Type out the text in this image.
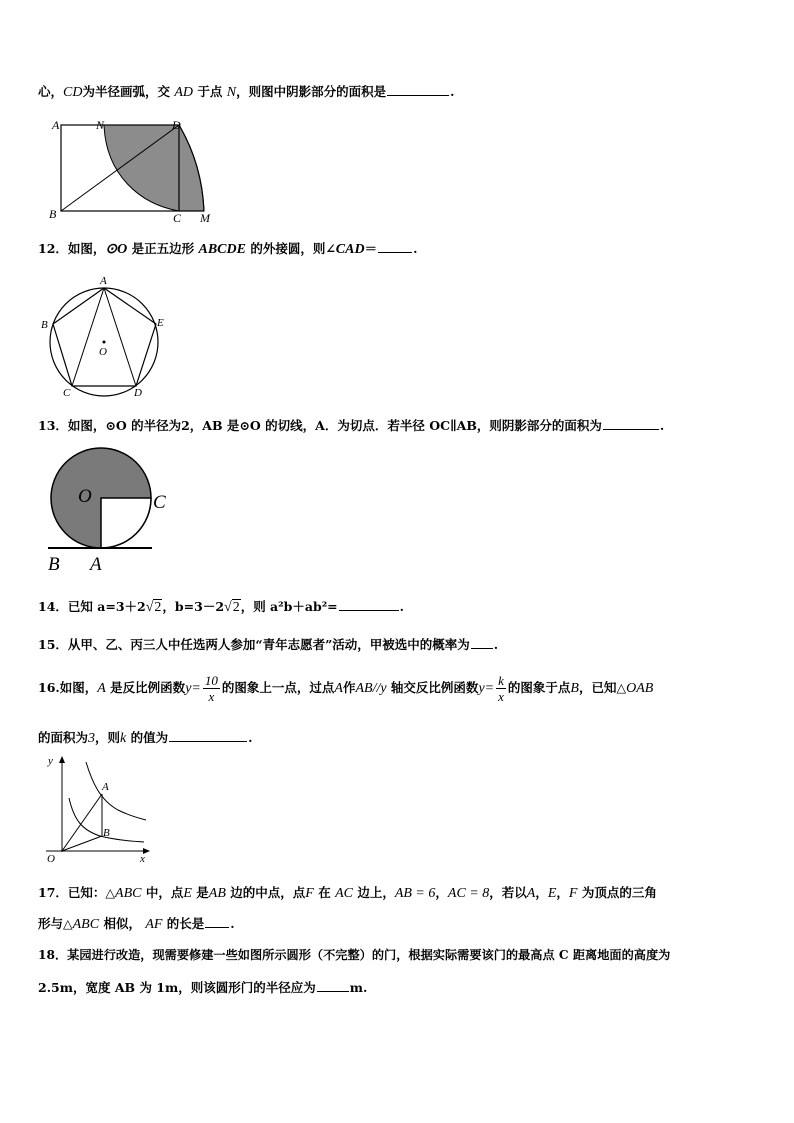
心，CD为半径画弧，交 AD 于点 N，则图中阴影部分的面积是	.
A	N	D
B	C M
12．如图，⊙O 是正五边形 ABCDE 的外接圆，则∠CAD＝	.
A
B	E
O
C	D
13．如图，⊙O 的半径为2，AB 是⊙O 的切线，A．为切点．若半径 OC∥AB，则阴影部分的面积为	.
O	C
B A
14．已知 a=3＋2√2，b=3－2√2，则 a²b＋ab²=	.
15．从甲、乙、丙三人中任选两人参加“青年志愿者”活动，甲被选中的概率为 .
16.如图，A 是反比例函数$y= \frac{10}{x}$ 的图象上一点，过点A作AB//y 轴交反比例函数$y= \frac{k}{x}$ 的图象于点B，已知△OAB
的面积为3，则k 的值为	.
y
A
B
O	x
17．已知：△ABC 中，点E 是AB 边的中点，点F 在 AC 边上，AB = 6，AC = 8，若以A，E，F 为顶点的三角
形与△ABC 相似， AF 的长是 .
18．某园进行改造，现需要修建一些如图所示圆形（不完整）的门，根据实际需要该门的最高点 C 距离地面的高度为
2.5m，宽度 AB 为 1m，则该圆形门的半径应为	m.
